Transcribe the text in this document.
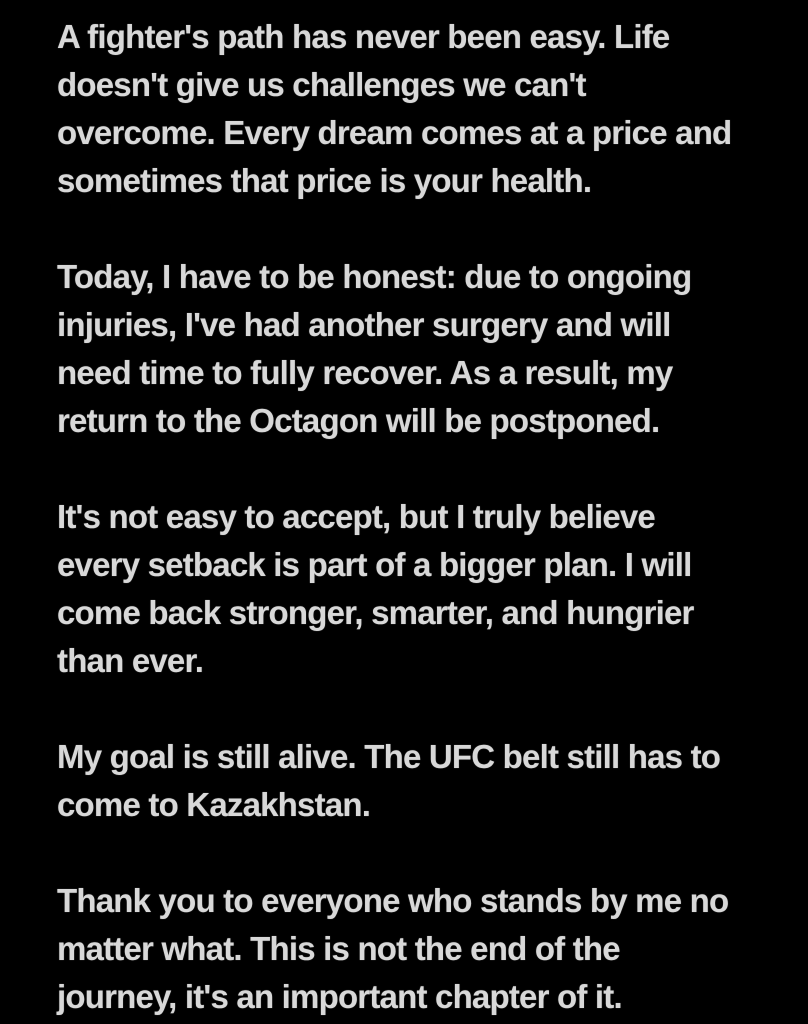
A fighter's path has never been easy. Life
doesn't give us challenges we can't
overcome. Every dream comes at a price and
sometimes that price is your health.
Today, I have to be honest: due to ongoing
injuries, I've had another surgery and will
need time to fully recover. As a result, my
return to the Octagon will be postponed.
It's not easy to accept, but I truly believe
every setback is part of a bigger plan. I will
come back stronger, smarter, and hungrier
than ever.
My goal is still alive. The UFC belt still has to
come to Kazakhstan.
Thank you to everyone who stands by me no
matter what. This is not the end of the
journey, it's an important chapter of it.
